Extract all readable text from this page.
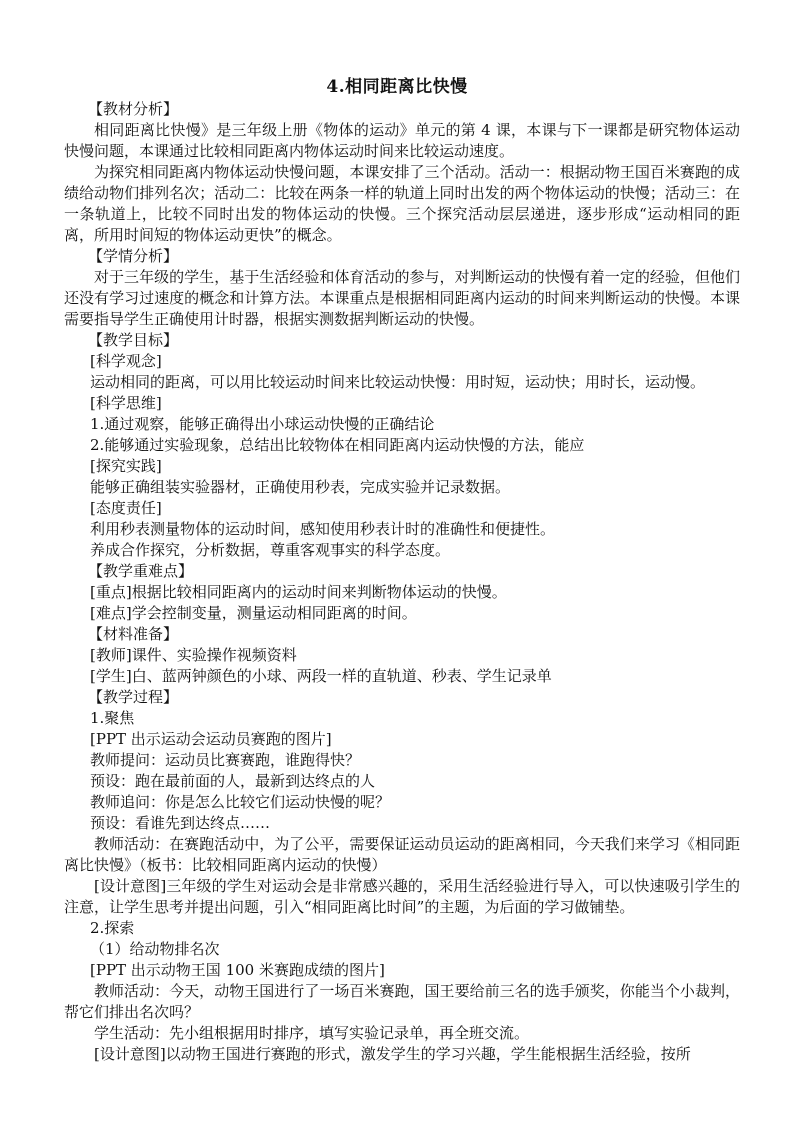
4.相同距离比快慢

【教材分析】

相同距离比快慢》是三年级上册《物体的运动》单元的第 4 课，本课与下一课都是研究物体运动快慢问题，本课通过比较相同距离内物体运动时间来比较运动速度。

为探究相同距离内物体运动快慢问题，本课安排了三个活动。活动一：根据动物王国百米赛跑的成绩给动物们排列名次；活动二：比较在两条一样的轨道上同时出发的两个物体运动的快慢；活动三：在一条轨道上，比较不同时出发的物体运动的快慢。三个探究活动层层递进，逐步形成“运动相同的距离，所用时间短的物体运动更快”的概念。

【学情分析】

对于三年级的学生，基于生活经验和体育活动的参与，对判断运动的快慢有着一定的经验，但他们还没有学习过速度的概念和计算方法。本课重点是根据相同距离内运动的时间来判断运动的快慢。本课需要指导学生正确使用计时器，根据实测数据判断运动的快慢。

【教学目标】

[科学观念]

运动相同的距离，可以用比较运动时间来比较运动快慢：用时短，运动快；用时长，运动慢。

[科学思维]

1.通过观察，能够正确得出小球运动快慢的正确结论

2.能够通过实验现象，总结出比较物体在相同距离内运动快慢的方法，能应

[探究实践]

能够正确组装实验器材，正确使用秒表，完成实验并记录数据。

[态度责任]

利用秒表测量物体的运动时间，感知使用秒表计时的准确性和便捷性。

养成合作探究，分析数据，尊重客观事实的科学态度。

【教学重难点】

[重点]根据比较相同距离内的运动时间来判断物体运动的快慢。

[难点]学会控制变量，测量运动相同距离的时间。

【材料准备】

[教师]课件、实验操作视频资料

[学生]白、蓝两钟颜色的小球、两段一样的直轨道、秒表、学生记录单

【教学过程】

1.聚焦

[PPT 出示运动会运动员赛跑的图片]

教师提问：运动员比赛赛跑，谁跑得快？

预设：跑在最前面的人，最新到达终点的人

教师追问：你是怎么比较它们运动快慢的呢？

预设：看谁先到达终点……

教师活动：在赛跑活动中，为了公平，需要保证运动员运动的距离相同，今天我们来学习《相同距离比快慢》（板书：比较相同距离内运动的快慢）

[设计意图]三年级的学生对运动会是非常感兴趣的，采用生活经验进行导入，可以快速吸引学生的注意，让学生思考并提出问题，引入“相同距离比时间”的主题，为后面的学习做铺垫。

2.探索

（1）给动物排名次

[PPT 出示动物王国 100 米赛跑成绩的图片]

教师活动：今天，动物王国进行了一场百米赛跑，国王要给前三名的选手颁奖，你能当个小裁判，帮它们排出名次吗？

学生活动：先小组根据用时排序，填写实验记录单，再全班交流。

[设计意图]以动物王国进行赛跑的形式，激发学生的学习兴趣，学生能根据生活经验，按所
